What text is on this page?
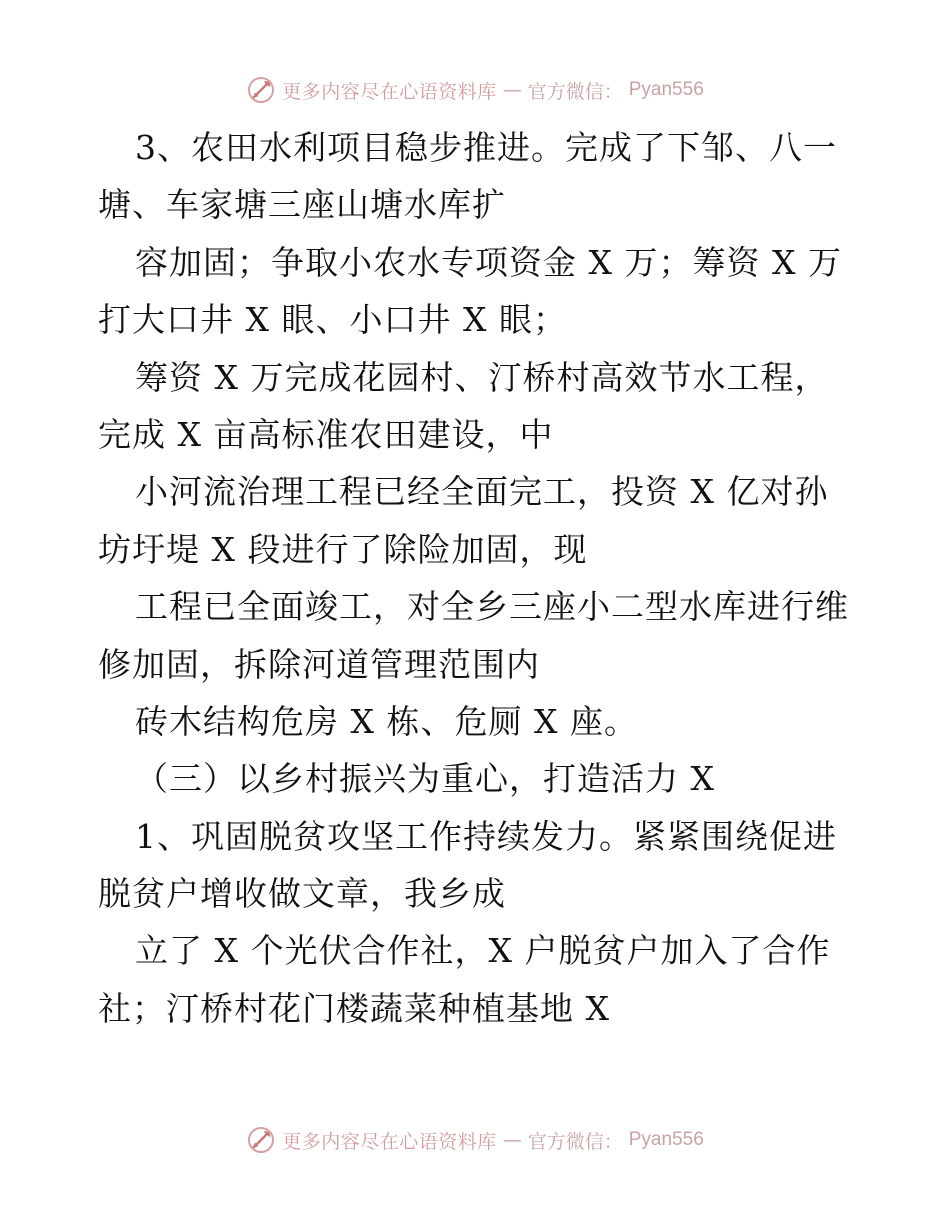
更多内容尽在心语资料库 — 官方微信： Pyan556
3、农田水利项目稳步推进。完成了下邹、八一
塘、车家塘三座山塘水库扩
容加固；争取小农水专项资金 X 万；筹资 X 万
打大口井 X 眼、小口井 X 眼；
筹资 X 万完成花园村、汀桥村高效节水工程，
完成 X 亩高标准农田建设，中
小河流治理工程已经全面完工，投资 X 亿对孙
坊圩堤 X 段进行了除险加固，现
工程已全面竣工，对全乡三座小二型水库进行维
修加固，拆除河道管理范围内
砖木结构危房 X 栋、危厕 X 座。
（三）以乡村振兴为重心，打造活力 X
1、巩固脱贫攻坚工作持续发力。紧紧围绕促进
脱贫户增收做文章，我乡成
立了 X 个光伏合作社，X 户脱贫户加入了合作
社；汀桥村花门楼蔬菜种植基地 X
更多内容尽在心语资料库 — 官方微信： Pyan556
